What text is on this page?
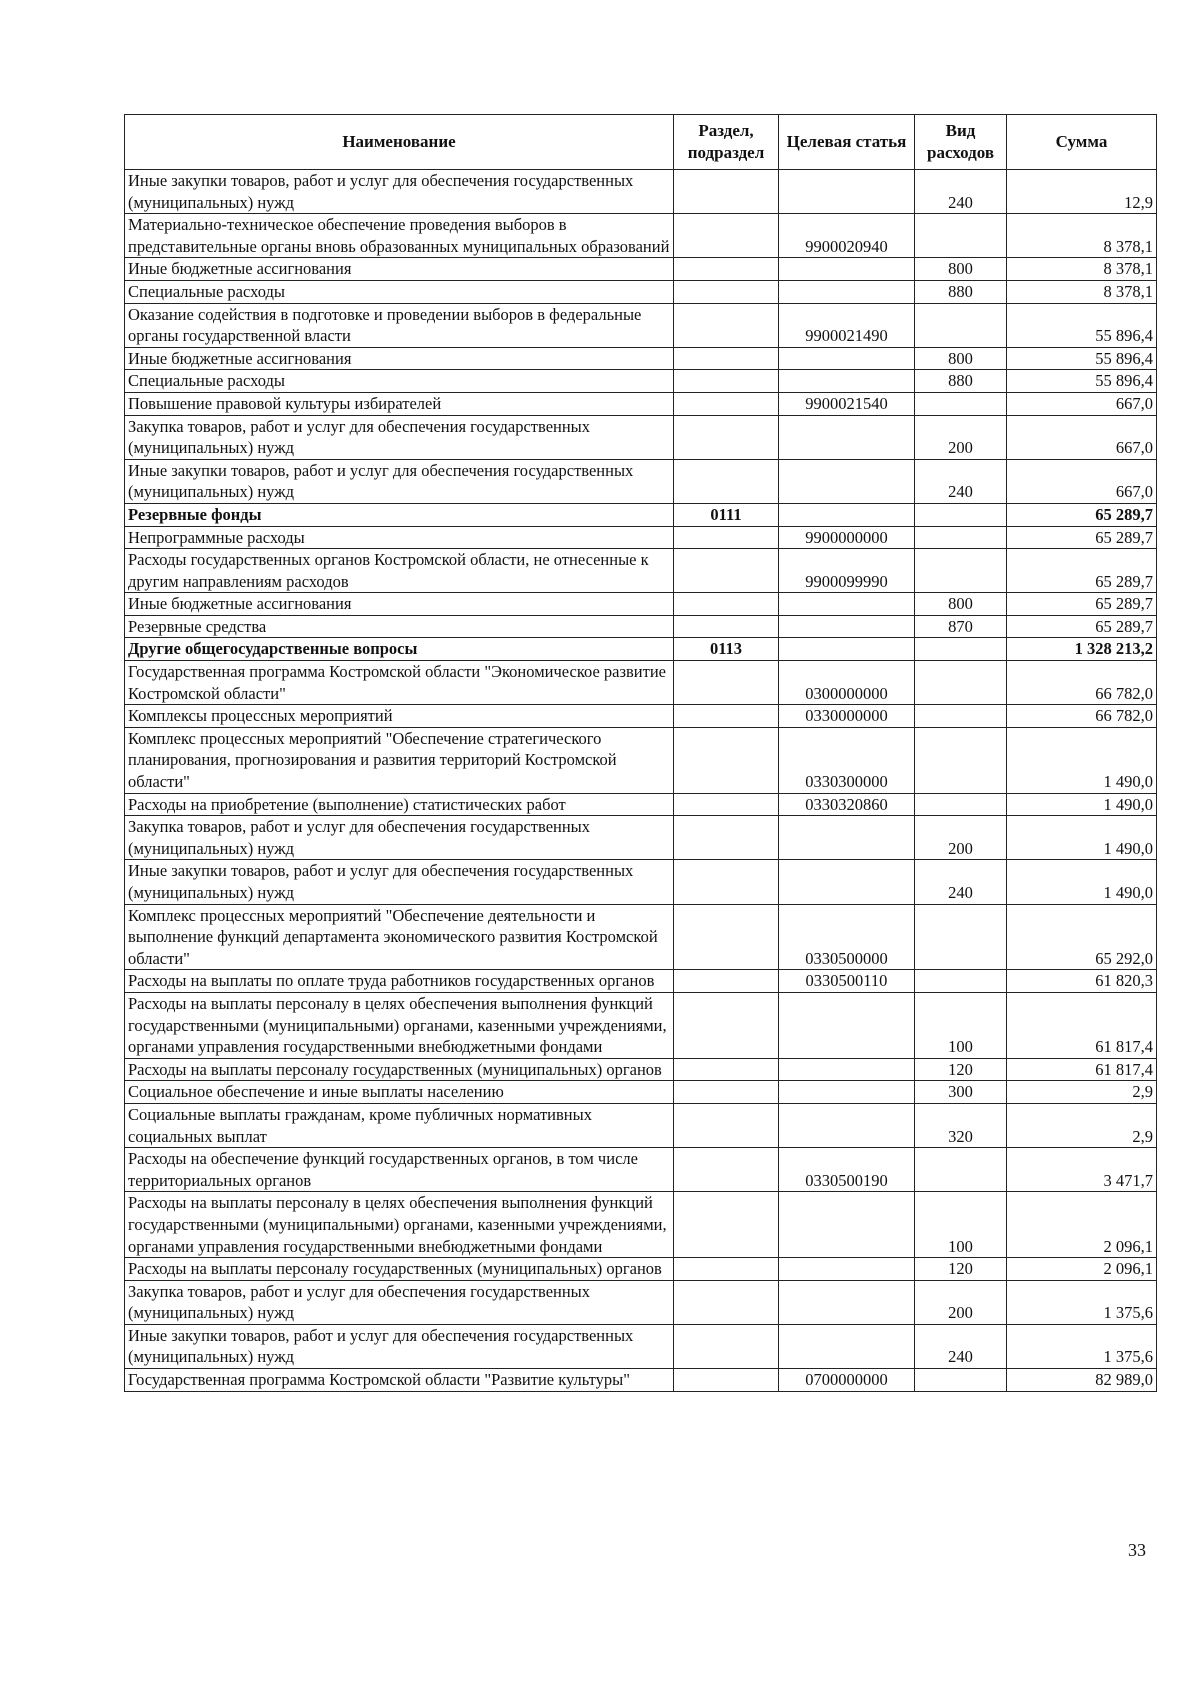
Наименование	Раздел, подраздел	Целевая статья	Вид расходов	Сумма
Иные закупки товаров, работ и услуг для обеспечения государственных (муниципальных) нужд			240	12,9
Материально-техническое обеспечение проведения выборов в представительные органы вновь образованных муниципальных образований		9900020940		8 378,1
Иные бюджетные ассигнования			800	8 378,1
Специальные расходы			880	8 378,1
Оказание содействия в подготовке и проведении выборов в федеральные органы государственной власти		9900021490		55 896,4
Иные бюджетные ассигнования			800	55 896,4
Специальные расходы			880	55 896,4
Повышение правовой культуры избирателей		9900021540		667,0
Закупка товаров, работ и услуг для обеспечения государственных (муниципальных) нужд			200	667,0
Иные закупки товаров, работ и услуг для обеспечения государственных (муниципальных) нужд			240	667,0
Резервные фонды	0111			65 289,7
Непрограммные расходы		9900000000		65 289,7
Расходы государственных органов Костромской области, не отнесенные к другим направлениям расходов		9900099990		65 289,7
Иные бюджетные ассигнования			800	65 289,7
Резервные средства			870	65 289,7
Другие общегосударственные вопросы	0113			1 328 213,2
Государственная программа Костромской области "Экономическое развитие Костромской области"		0300000000		66 782,0
Комплексы процессных мероприятий		0330000000		66 782,0
Комплекс процессных мероприятий "Обеспечение стратегического планирования, прогнозирования и развития территорий Костромской области"		0330300000		1 490,0
Расходы на приобретение (выполнение) статистических работ		0330320860		1 490,0
Закупка товаров, работ и услуг для обеспечения государственных (муниципальных) нужд			200	1 490,0
Иные закупки товаров, работ и услуг для обеспечения государственных (муниципальных) нужд			240	1 490,0
Комплекс процессных мероприятий "Обеспечение деятельности и выполнение функций департамента экономического развития Костромской области"		0330500000		65 292,0
Расходы на выплаты по оплате труда работников государственных органов		0330500110		61 820,3
Расходы на выплаты персоналу в целях обеспечения выполнения функций государственными (муниципальными) органами, казенными учреждениями, органами управления государственными внебюджетными фондами			100	61 817,4
Расходы на выплаты персоналу государственных (муниципальных) органов			120	61 817,4
Социальное обеспечение и иные выплаты населению			300	2,9
Социальные выплаты гражданам, кроме публичных нормативных социальных выплат			320	2,9
Расходы на обеспечение функций государственных органов, в том числе территориальных органов		0330500190		3 471,7
Расходы на выплаты персоналу в целях обеспечения выполнения функций государственными (муниципальными) органами, казенными учреждениями, органами управления государственными внебюджетными фондами			100	2 096,1
Расходы на выплаты персоналу государственных (муниципальных) органов			120	2 096,1
Закупка товаров, работ и услуг для обеспечения государственных (муниципальных) нужд			200	1 375,6
Иные закупки товаров, работ и услуг для обеспечения государственных (муниципальных) нужд			240	1 375,6
Государственная программа Костромской области "Развитие культуры"		0700000000		82 989,0
33
